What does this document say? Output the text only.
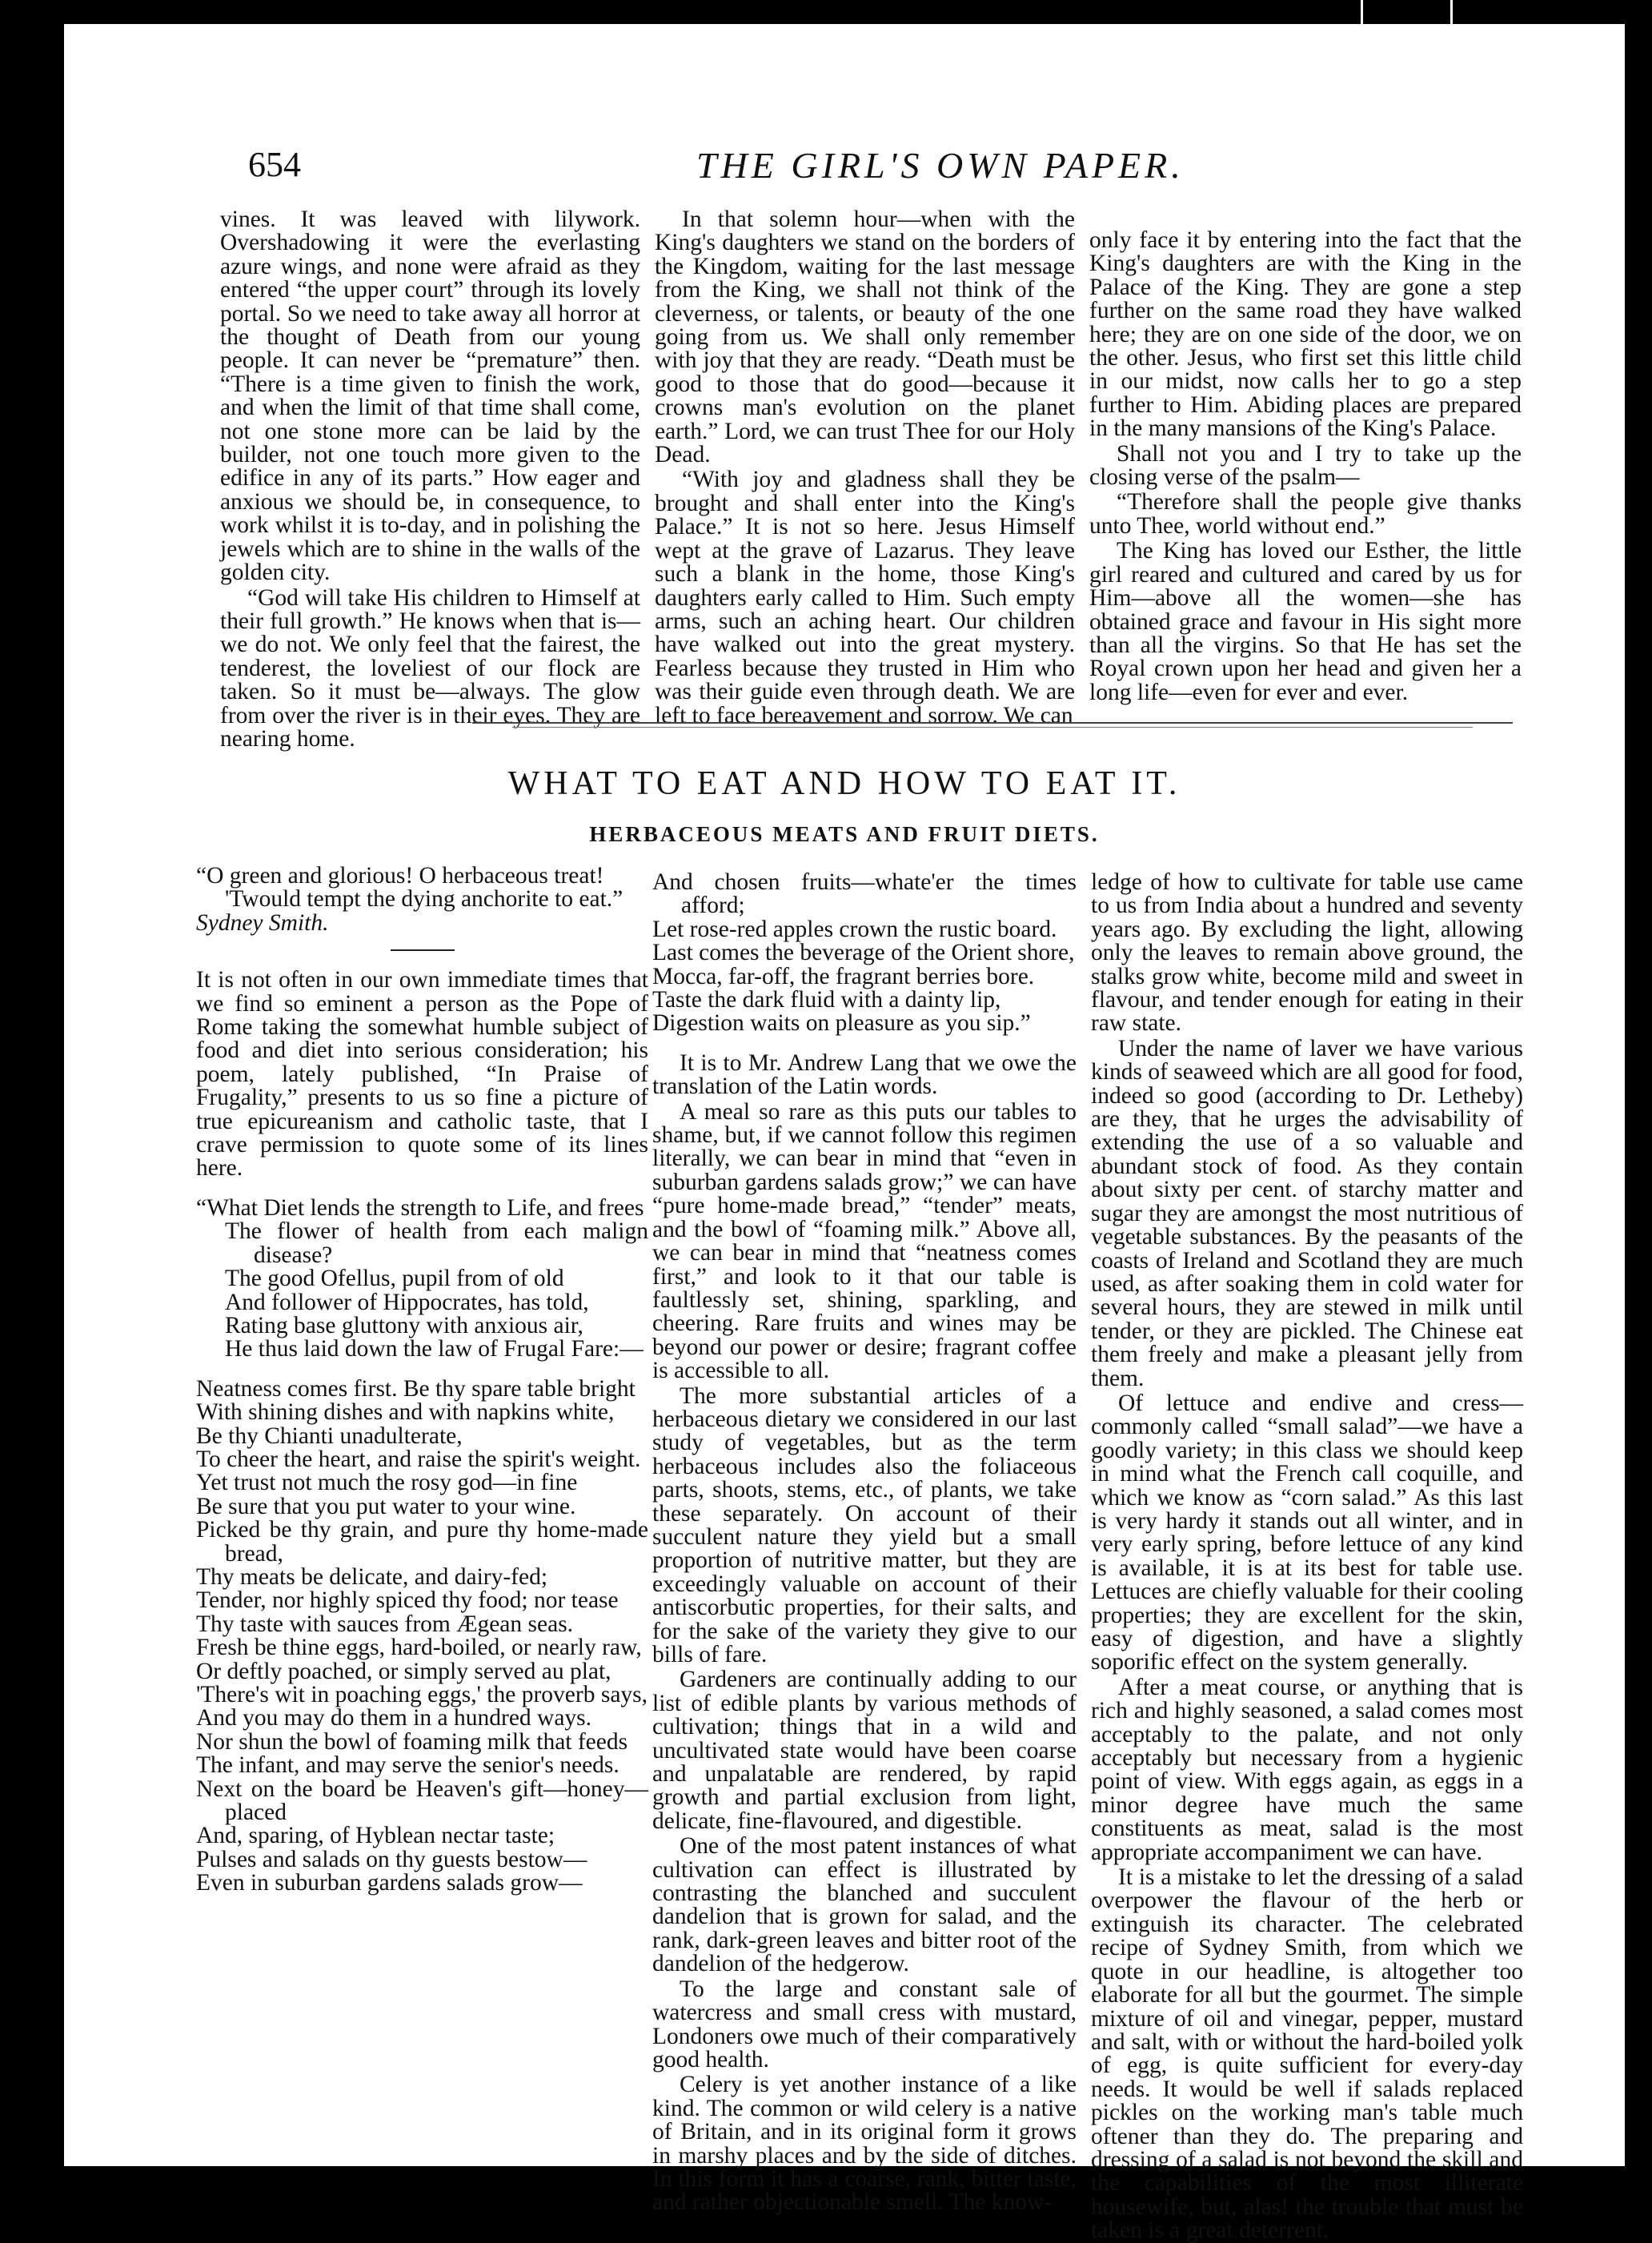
654	THE GIRL'S OWN PAPER.

vines. It was leaved with lilywork. Overshadowing it were the everlasting azure wings, and none were afraid as they entered “the upper court” through its lovely portal. So we need to take away all horror at the thought of Death from our young people. It can never be “premature” then. “There is a time given to finish the work, and when the limit of that time shall come, not one stone more can be laid by the builder, not one touch more given to the edifice in any of its parts.” How eager and anxious we should be, in consequence, to work whilst it is to-day, and in polishing the jewels which are to shine in the walls of the golden city.

“God will take His children to Himself at their full growth.” He knows when that is—we do not. We only feel that the fairest, the tenderest, the loveliest of our flock are taken. So it must be—always. The glow from over the river is in their eyes. They are nearing home.

In that solemn hour—when with the King's daughters we stand on the borders of the Kingdom, waiting for the last message from the King, we shall not think of the cleverness, or talents, or beauty of the one going from us. We shall only remember with joy that they are ready. “Death must be good to those that do good—because it crowns man's evolution on the planet earth.” Lord, we can trust Thee for our Holy Dead.

“With joy and gladness shall they be brought and shall enter into the King's Palace.” It is not so here. Jesus Himself wept at the grave of Lazarus. They leave such a blank in the home, those King's daughters early called to Him. Such empty arms, such an aching heart. Our children have walked out into the great mystery. Fearless because they trusted in Him who was their guide even through death. We are left to face bereavement and sorrow. We can

only face it by entering into the fact that the King's daughters are with the King in the Palace of the King. They are gone a step further on the same road they have walked here; they are on one side of the door, we on the other. Jesus, who first set this little child in our midst, now calls her to go a step further to Him. Abiding places are prepared in the many mansions of the King's Palace.

Shall not you and I try to take up the closing verse of the psalm—

“Therefore shall the people give thanks unto Thee, world without end.”

The King has loved our Esther, the little girl reared and cultured and cared by us for Him—above all the women—she has obtained grace and favour in His sight more than all the virgins. So that He has set the Royal crown upon her head and given her a long life—even for ever and ever.

WHAT TO EAT AND HOW TO EAT IT.
HERBACEOUS MEATS AND FRUIT DIETS.
“O green and glorious! O herbaceous treat!
'Twould tempt the dying anchorite to eat.”
Sydney Smith.

It is not often in our own immediate times that we find so eminent a person as the Pope of Rome taking the somewhat humble subject of food and diet into serious consideration; his poem, lately published, “In Praise of Frugality,” presents to us so fine a picture of true epicureanism and catholic taste, that I crave permission to quote some of its lines here.

“What Diet lends the strength to Life, and frees
The flower of health from each malign disease?
The good Ofellus, pupil from of old
And follower of Hippocrates, has told,
Rating base gluttony with anxious air,
He thus laid down the law of Frugal Fare:—
Neatness comes first. Be thy spare table bright
With shining dishes and with napkins white,
Be thy Chianti unadulterate,
To cheer the heart, and raise the spirit's weight.
Yet trust not much the rosy god—in fine
Be sure that you put water to your wine.
Picked be thy grain, and pure thy home-made bread,
Thy meats be delicate, and dairy-fed;
Tender, nor highly spiced thy food; nor tease
Thy taste with sauces from Ægean seas.
Fresh be thine eggs, hard-boiled, or nearly raw,
Or deftly poached, or simply served au plat,
'There's wit in poaching eggs,' the proverb says,
And you may do them in a hundred ways.
Nor shun the bowl of foaming milk that feeds
The infant, and may serve the senior's needs.
Next on the board be Heaven's gift—honey—placed
And, sparing, of Hyblean nectar taste;
Pulses and salads on thy guests bestow—
Even in suburban gardens salads grow—
And chosen fruits—whate'er the times afford;
Let rose-red apples crown the rustic board.
Last comes the beverage of the Orient shore,
Mocca, far-off, the fragrant berries bore.
Taste the dark fluid with a dainty lip,
Digestion waits on pleasure as you sip.”

It is to Mr. Andrew Lang that we owe the translation of the Latin words.

A meal so rare as this puts our tables to shame, but, if we cannot follow this regimen literally, we can bear in mind that “even in suburban gardens salads grow;” we can have “pure home-made bread,” “tender” meats, and the bowl of “foaming milk.” Above all, we can bear in mind that “neatness comes first,” and look to it that our table is faultlessly set, shining, sparkling, and cheering. Rare fruits and wines may be beyond our power or desire; fragrant coffee is accessible to all.

The more substantial articles of a herbaceous dietary we considered in our last study of vegetables, but as the term herbaceous includes also the foliaceous parts, shoots, stems, etc., of plants, we take these separately. On account of their succulent nature they yield but a small proportion of nutritive matter, but they are exceedingly valuable on account of their antiscorbutic properties, for their salts, and for the sake of the variety they give to our bills of fare.

Gardeners are continually adding to our list of edible plants by various methods of cultivation; things that in a wild and uncultivated state would have been coarse and unpalatable are rendered, by rapid growth and partial exclusion from light, delicate, fine-flavoured, and digestible.

One of the most patent instances of what cultivation can effect is illustrated by contrasting the blanched and succulent dandelion that is grown for salad, and the rank, dark-green leaves and bitter root of the dandelion of the hedgerow.

To the large and constant sale of watercress and small cress with mustard, Londoners owe much of their comparatively good health.

Celery is yet another instance of a like kind. The common or wild celery is a native of Britain, and in its original form it grows in marshy places and by the side of ditches. In this form it has a coarse, rank, bitter taste, and rather objectionable smell. The know-

ledge of how to cultivate for table use came to us from India about a hundred and seventy years ago. By excluding the light, allowing only the leaves to remain above ground, the stalks grow white, become mild and sweet in flavour, and tender enough for eating in their raw state.

Under the name of laver we have various kinds of seaweed which are all good for food, indeed so good (according to Dr. Letheby) are they, that he urges the advisability of extending the use of a so valuable and abundant stock of food. As they contain about sixty per cent. of starchy matter and sugar they are amongst the most nutritious of vegetable substances. By the peasants of the coasts of Ireland and Scotland they are much used, as after soaking them in cold water for several hours, they are stewed in milk until tender, or they are pickled. The Chinese eat them freely and make a pleasant jelly from them.

Of lettuce and endive and cress—commonly called “small salad”—we have a goodly variety; in this class we should keep in mind what the French call coquille, and which we know as “corn salad.” As this last is very hardy it stands out all winter, and in very early spring, before lettuce of any kind is available, it is at its best for table use. Lettuces are chiefly valuable for their cooling properties; they are excellent for the skin, easy of digestion, and have a slightly soporific effect on the system generally.

After a meat course, or anything that is rich and highly seasoned, a salad comes most acceptably to the palate, and not only acceptably but necessary from a hygienic point of view. With eggs again, as eggs in a minor degree have much the same constituents as meat, salad is the most appropriate accompaniment we can have.

It is a mistake to let the dressing of a salad overpower the flavour of the herb or extinguish its character. The celebrated recipe of Sydney Smith, from which we quote in our headline, is altogether too elaborate for all but the gourmet. The simple mixture of oil and vinegar, pepper, mustard and salt, with or without the hard-boiled yolk of egg, is quite sufficient for every-day needs. It would be well if salads replaced pickles on the working man's table much oftener than they do. The preparing and dressing of a salad is not beyond the skill and the capabilities of the most illiterate housewife, but, alas! the trouble that must be taken is a great deterrent.
